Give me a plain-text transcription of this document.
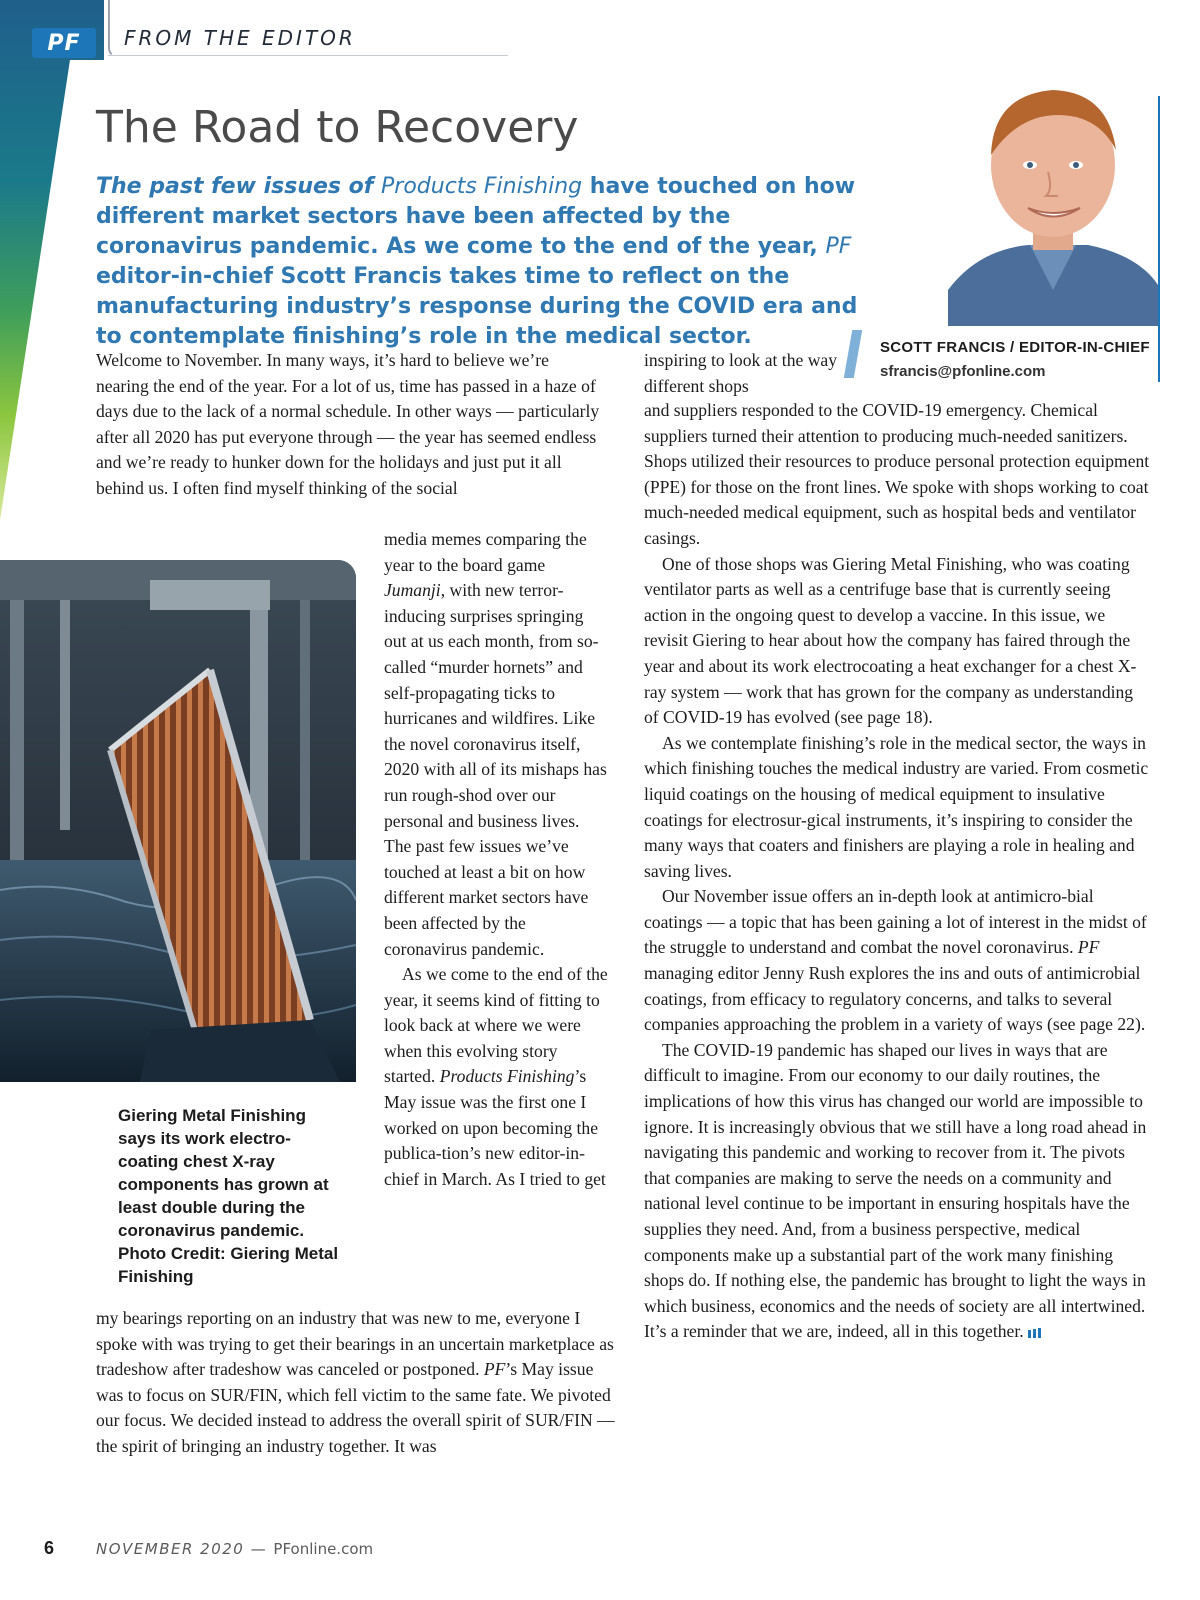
PF FROM THE EDITOR
The Road to Recovery
The past few issues of Products Finishing have touched on how different market sectors have been affected by the coronavirus pandemic. As we come to the end of the year, PF editor-in-chief Scott Francis takes time to reflect on the manufacturing industry’s response during the COVID era and to contemplate finishing’s role in the medical sector.	SCOTT FRANCIS / EDITOR-IN-CHIEF
sfrancis@pfonline.com
Welcome to November. In many ways, it’s hard to believe we’re nearing the end of the year. For a lot of us, time has passed in a haze of days due to the lack of a normal schedule. In other ways — particularly after all 2020 has put everyone through — the year has seemed endless and we’re ready to hunker down for the holidays and just put it all behind us. I often find myself thinking of the social
Giering Metal Finishing says its work electro-coating chest X-ray components has grown at least double during the coronavirus pandemic. Photo Credit: Giering Metal Finishing

media memes comparing the year to the board game Jumanji, with new terror-inducing surprises springing out at us each month, from so-called “murder hornets” and self-propagating ticks to hurricanes and wildfires. Like the novel coronavirus itself, 2020 with all of its mishaps has run rough-shod over our personal and business lives. The past few issues we’ve touched at least a bit on how different market sectors have been affected by the coronavirus pandemic.

As we come to the end of the year, it seems kind of fitting to look back at where we were when this evolving story started. Products Finishing’s May issue was the first one I worked on upon becoming the publica-tion’s new editor-in-chief in March. As I tried to get

my bearings reporting on an industry that was new to me, everyone I spoke with was trying to get their bearings in an uncertain marketplace as tradeshow after tradeshow was canceled or postponed. PF’s May issue was to focus on SUR/FIN, which fell victim to the same fate. We pivoted our focus. We decided instead to address the overall spirit of SUR/FIN — the spirit of bringing an industry together. It was
inspiring to look at the way different shops

and suppliers responded to the COVID-19 emergency. Chemical suppliers turned their attention to producing much-needed sanitizers. Shops utilized their resources to produce personal protection equipment (PPE) for those on the front lines. We spoke with shops working to coat much-needed medical equipment, such as hospital beds and ventilator casings.

One of those shops was Giering Metal Finishing, who was coating ventilator parts as well as a centrifuge base that is currently seeing action in the ongoing quest to develop a vaccine. In this issue, we revisit Giering to hear about how the company has faired through the year and about its work electrocoating a heat exchanger for a chest X-ray system — work that has grown for the company as understanding of COVID-19 has evolved (see page 18).

As we contemplate finishing’s role in the medical sector, the ways in which finishing touches the medical industry are varied. From cosmetic liquid coatings on the housing of medical equipment to insulative coatings for electrosur-gical instruments, it’s inspiring to consider the many ways that coaters and finishers are playing a role in healing and saving lives.

Our November issue offers an in-depth look at antimicro-bial coatings — a topic that has been gaining a lot of interest in the midst of the struggle to understand and combat the novel coronavirus. PF managing editor Jenny Rush explores the ins and outs of antimicrobial coatings, from efficacy to regulatory concerns, and talks to several companies approaching the problem in a variety of ways (see page 22).

The COVID-19 pandemic has shaped our lives in ways that are difficult to imagine. From our economy to our daily routines, the implications of how this virus has changed our world are impossible to ignore. It is increasingly obvious that we still have a long road ahead in navigating this pandemic and working to recover from it. The pivots that companies are making to serve the needs on a community and national level continue to be important in ensuring hospitals have the supplies they need. And, from a business perspective, medical components make up a substantial part of the work many finishing shops do. If nothing else, the pandemic has brought to light the ways in which business, economics and the needs of society are all intertwined. It’s a reminder that we are, indeed, all in this together.

6	NOVEMBER 2020 — PFonline.com
